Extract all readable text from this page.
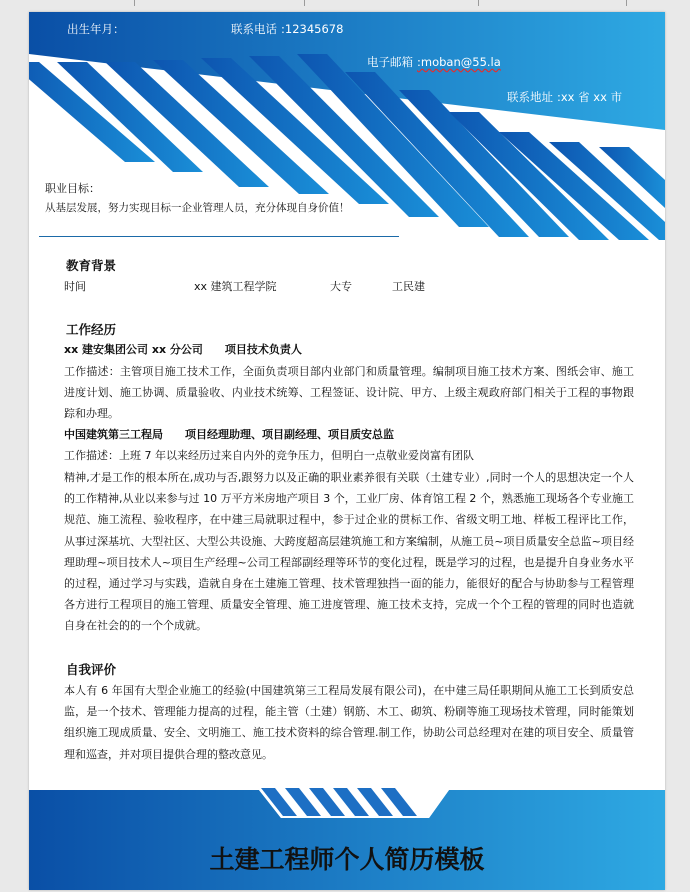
出生年月：	联系电话 :12345678
电子邮箱 :moban@55.la
联系地址 :xx 省 xx 市
职业目标：
从基层发展，努力实现目标一企业管理人员，充分体现自身价值！
教育背景
时间	xx 建筑工程学院	大专	工民建
工作经历
xx 建安集团公司 xx 分公司　　项目技术负责人
工作描述：主管项目施工技术工作，全面负责项目部内业部门和质量管理。编制项目施工技术方案、图纸会审、施工进度计划、施工协调、质量验收、内业技术统筹、工程签证、设计院、甲方、上级主观政府部门相关于工程的事物跟踪和办理。
中国建筑第三工程局　　项目经理助理、项目副经理、项目质安总监
工作描述：上班 7 年以来经历过来自内外的竞争压力，但明白一点敬业爱岗富有团队
精神,才是工作的根本所在,成功与否,跟努力以及正确的职业素养很有关联（土建专业）,同时一个人的思想决定一个人的工作精神,从业以来参与过 10 万平方米房地产项目 3 个，工业厂房、体育馆工程 2 个，熟悉施工现场各个专业施工规范、施工流程、验收程序，在中建三局就职过程中，参于过企业的贯标工作、省级文明工地、样板工程评比工作，从事过深基坑、大型社区、大型公共设施、大跨度超高层建筑施工和方案编制，从施工员~项目质量安全总监~项目经理助理~项目技术人~项目生产经理~公司工程部副经理等环节的变化过程，既是学习的过程，也是提升自身业务水平的过程，通过学习与实践，造就自身在土建施工管理、技术管理独挡一面的能力，能很好的配合与协助参与工程管理各方进行工程项目的施工管理、质量安全管理、施工进度管理、施工技术支持，完成一个个工程的管理的同时也造就自身在社会的的一个个成就。
自我评价
本人有 6 年国有大型企业施工的经验(中国建筑第三工程局发展有限公司)，在中建三局任职期间从施工工长到质安总监，是一个技术、管理能力提高的过程，能主管（土建）钢筋、木工、砌筑、粉刷等施工现场技术管理，同时能策划组织施工现成质量、安全、文明施工、施工技术资料的综合管理.制工作，协助公司总经理对在建的项目安全、质量管理和巡查，并对项目提供合理的整改意见。
土建工程师个人简历模板
